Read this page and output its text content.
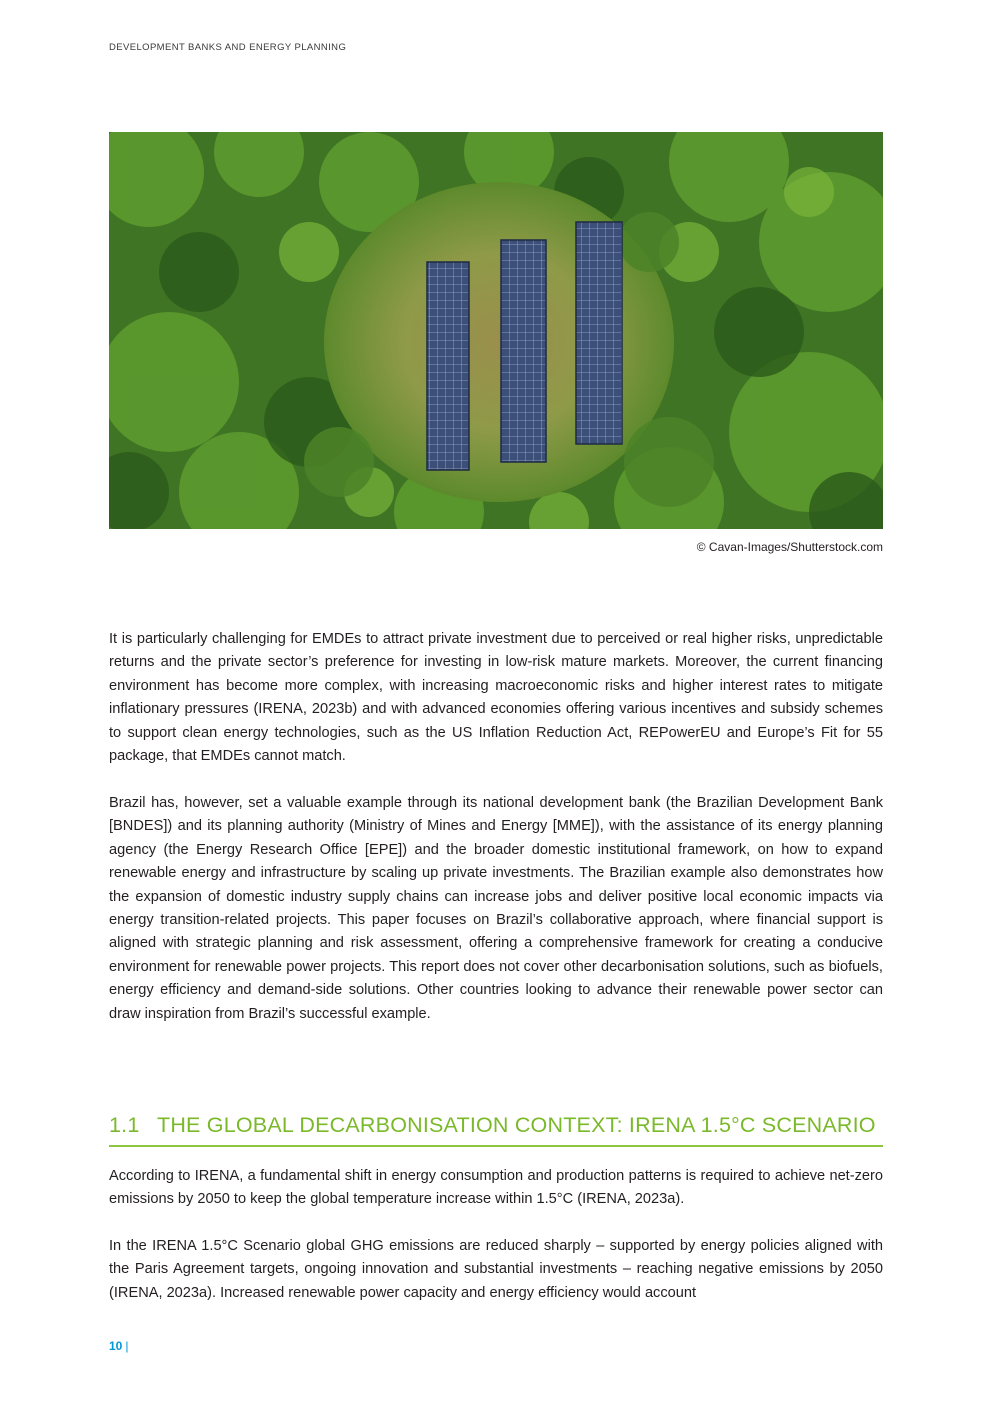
DEVELOPMENT BANKS AND ENERGY PLANNING
© Cavan-Images/Shutterstock.com

It is particularly challenging for EMDEs to attract private investment due to perceived or real higher risks, unpredictable returns and the private sector’s preference for investing in low-risk mature markets. Moreover, the current financing environment has become more complex, with increasing macroeconomic risks and higher interest rates to mitigate inflationary pressures (IRENA, 2023b) and with advanced economies offering various incentives and subsidy schemes to support clean energy technologies, such as the US Inflation Reduction Act, REPowerEU and Europe’s Fit for 55 package, that EMDEs cannot match.

Brazil has, however, set a valuable example through its national development bank (the Brazilian Development Bank [BNDES]) and its planning authority (Ministry of Mines and Energy [MME]), with the assistance of its energy planning agency (the Energy Research Office [EPE]) and the broader domestic institutional framework, on how to expand renewable energy and infrastructure by scaling up private investments. The Brazilian example also demonstrates how the expansion of domestic industry supply chains can increase jobs and deliver positive local economic impacts via energy transition-related projects. This paper focuses on Brazil’s collaborative approach, where financial support is aligned with strategic planning and risk assessment, offering a comprehensive framework for creating a conducive environment for renewable power projects. This report does not cover other decarbonisation solutions, such as biofuels, energy efficiency and demand-side solutions. Other countries looking to advance their renewable power sector can draw inspiration from Brazil’s successful example.

1.1 THE GLOBAL DECARBONISATION CONTEXT: IRENA 1.5°C SCENARIO

According to IRENA, a fundamental shift in energy consumption and production patterns is required to achieve net-zero emissions by 2050 to keep the global temperature increase within 1.5°C (IRENA, 2023a).

In the IRENA 1.5°C Scenario global GHG emissions are reduced sharply – supported by energy policies aligned with the Paris Agreement targets, ongoing innovation and substantial investments – reaching negative emissions by 2050 (IRENA, 2023a). Increased renewable power capacity and energy efficiency would account

10 |
